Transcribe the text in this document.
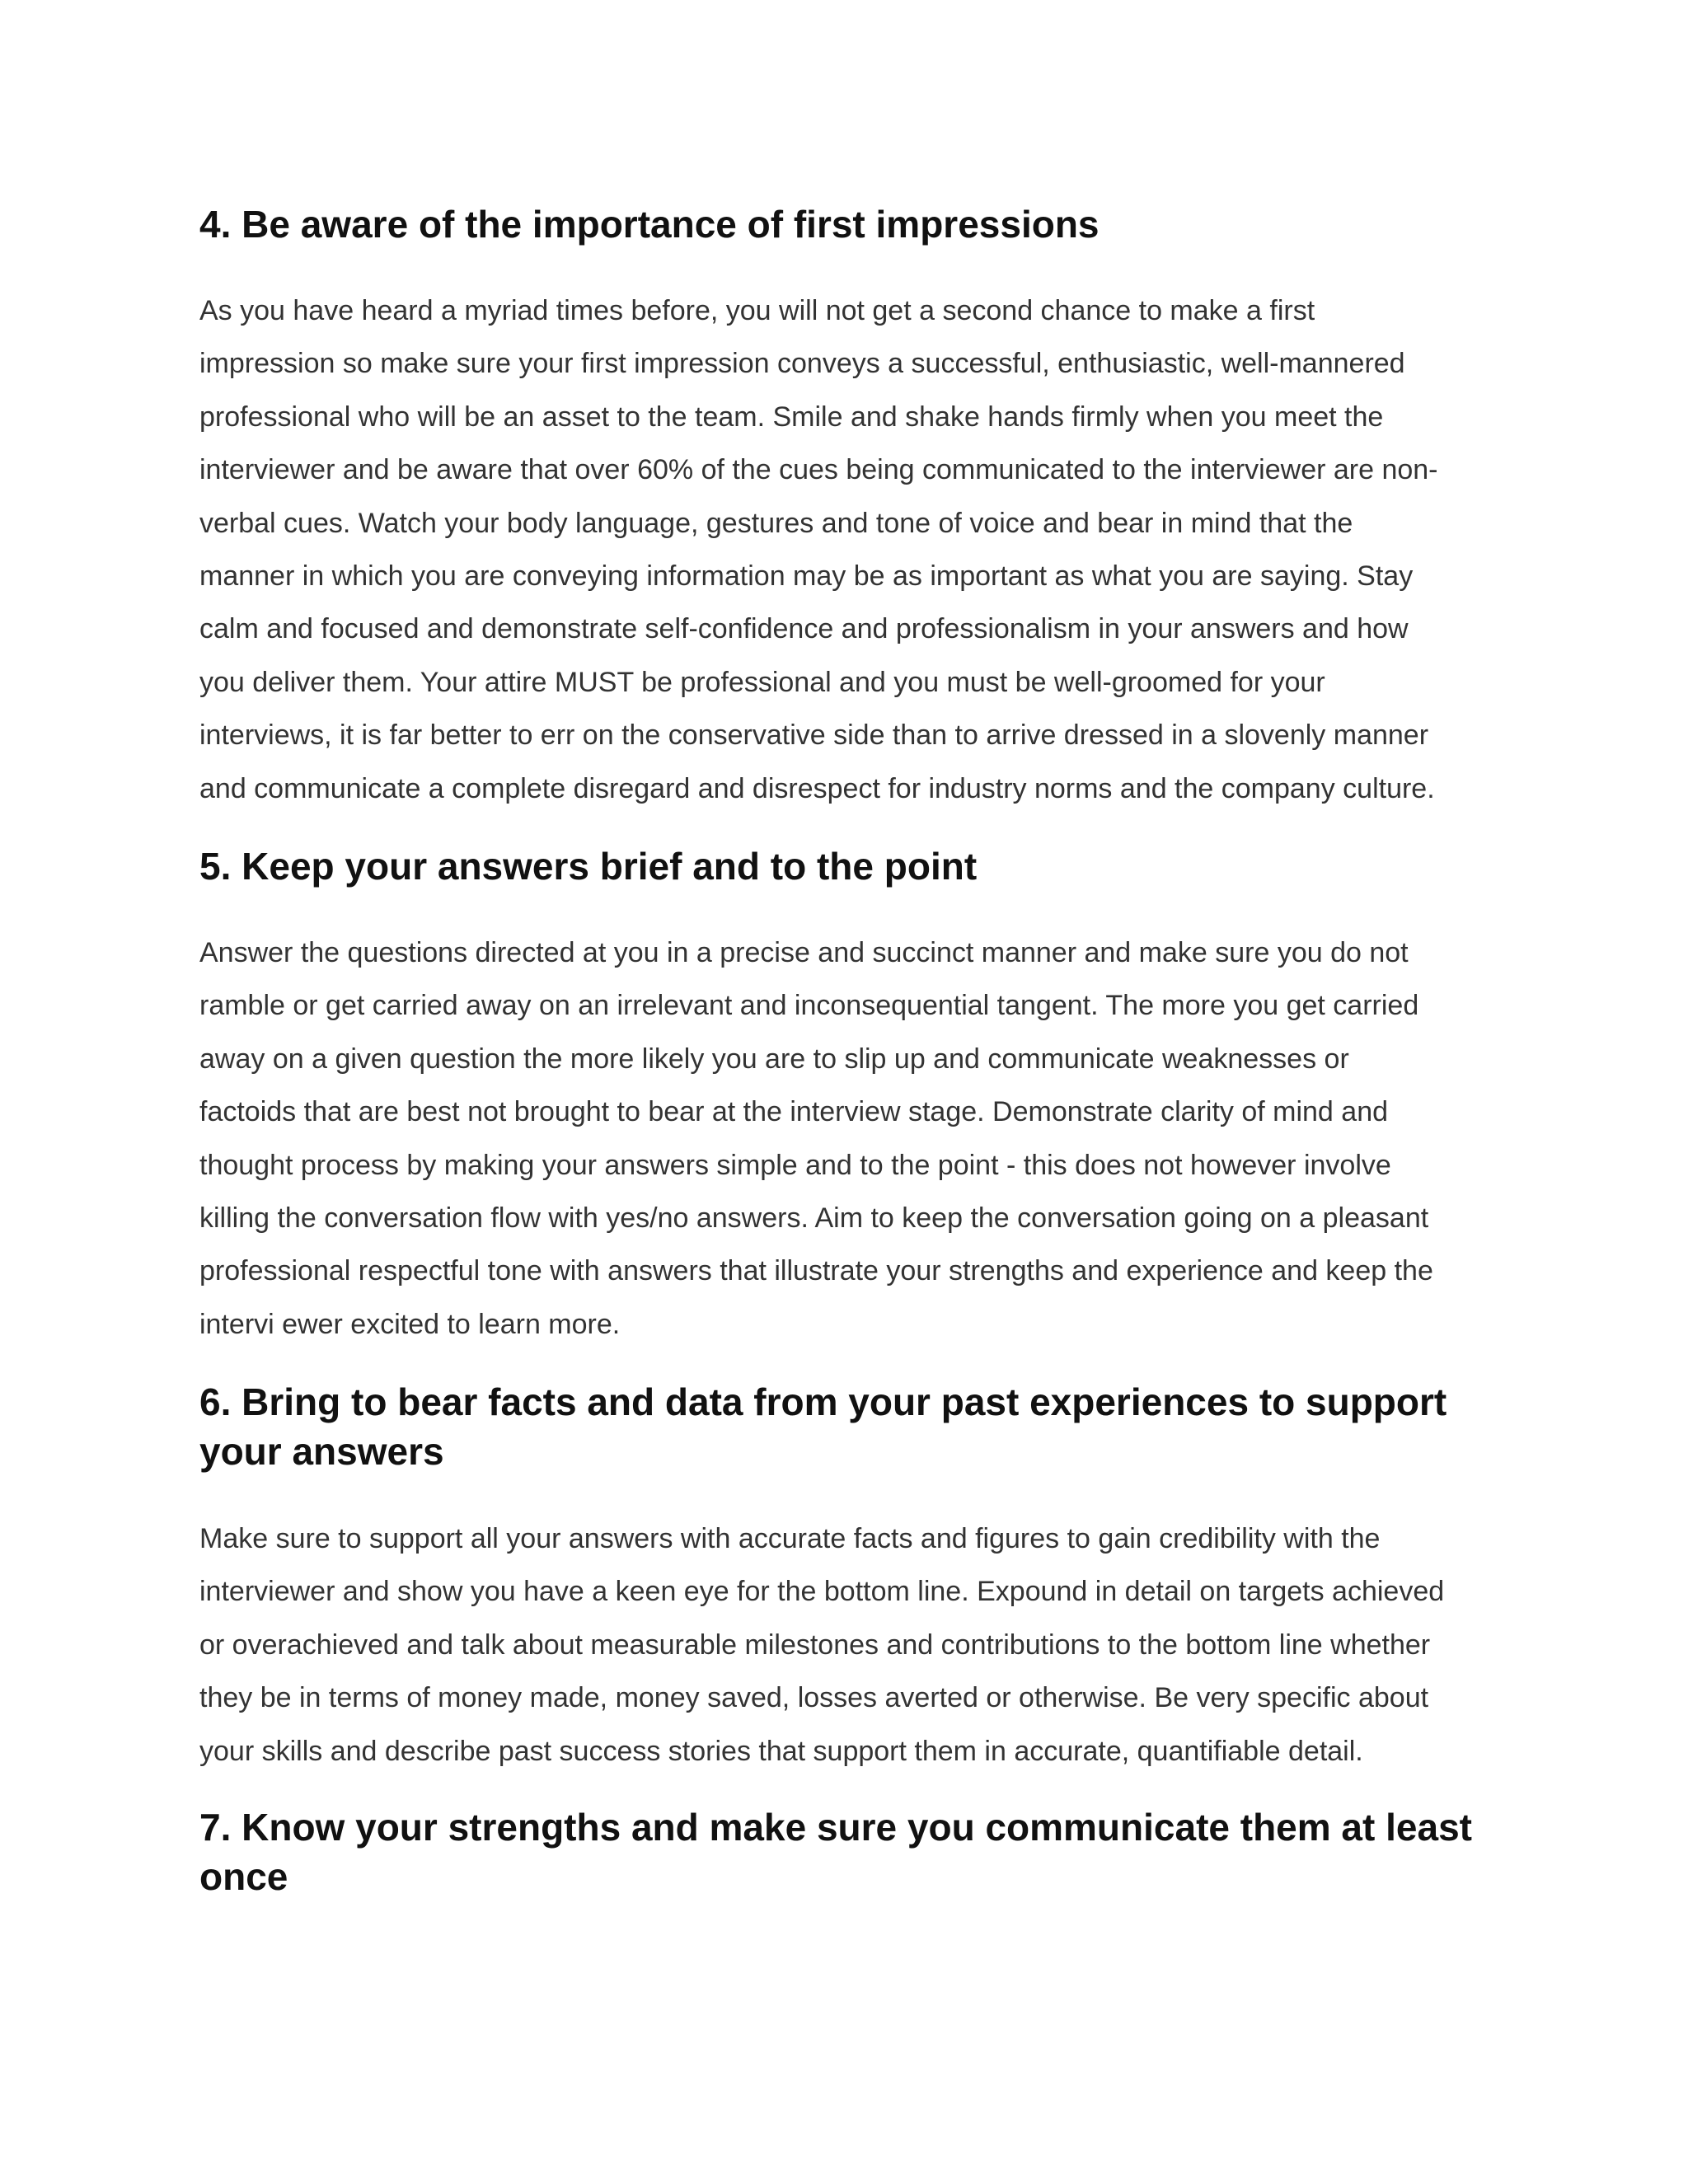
4. Be aware of the importance of first impressions
As you have heard a myriad times before, you will not get a second chance to make a first
impression so make sure your first impression conveys a successful, enthusiastic, well-mannered
professional who will be an asset to the team. Smile and shake hands firmly when you meet the
interviewer and be aware that over 60% of the cues being communicated to the interviewer are non-
verbal cues. Watch your body language, gestures and tone of voice and bear in mind that the
manner in which you are conveying information may be as important as what you are saying. Stay
calm and focused and demonstrate self-confidence and professionalism in your answers and how
you deliver them. Your attire MUST be professional and you must be well-groomed for your
interviews, it is far better to err on the conservative side than to arrive dressed in a slovenly manner
and communicate a complete disregard and disrespect for industry norms and the company culture.
5. Keep your answers brief and to the point
Answer the questions directed at you in a precise and succinct manner and make sure you do not
ramble or get carried away on an irrelevant and inconsequential tangent. The more you get carried
away on a given question the more likely you are to slip up and communicate weaknesses or
factoids that are best not brought to bear at the interview stage. Demonstrate clarity of mind and
thought process by making your answers simple and to the point - this does not however involve
killing the conversation flow with yes/no answers. Aim to keep the conversation going on a pleasant
professional respectful tone with answers that illustrate your strengths and experience and keep the
intervi ewer excited to learn more.
6. Bring to bear facts and data from your past experiences to support
your answers
Make sure to support all your answers with accurate facts and figures to gain credibility with the
interviewer and show you have a keen eye for the bottom line. Expound in detail on targets achieved
or overachieved and talk about measurable milestones and contributions to the bottom line whether
they be in terms of money made, money saved, losses averted or otherwise. Be very specific about
your skills and describe past success stories that support them in accurate, quantifiable detail.
7. Know your strengths and make sure you communicate them at least
once
